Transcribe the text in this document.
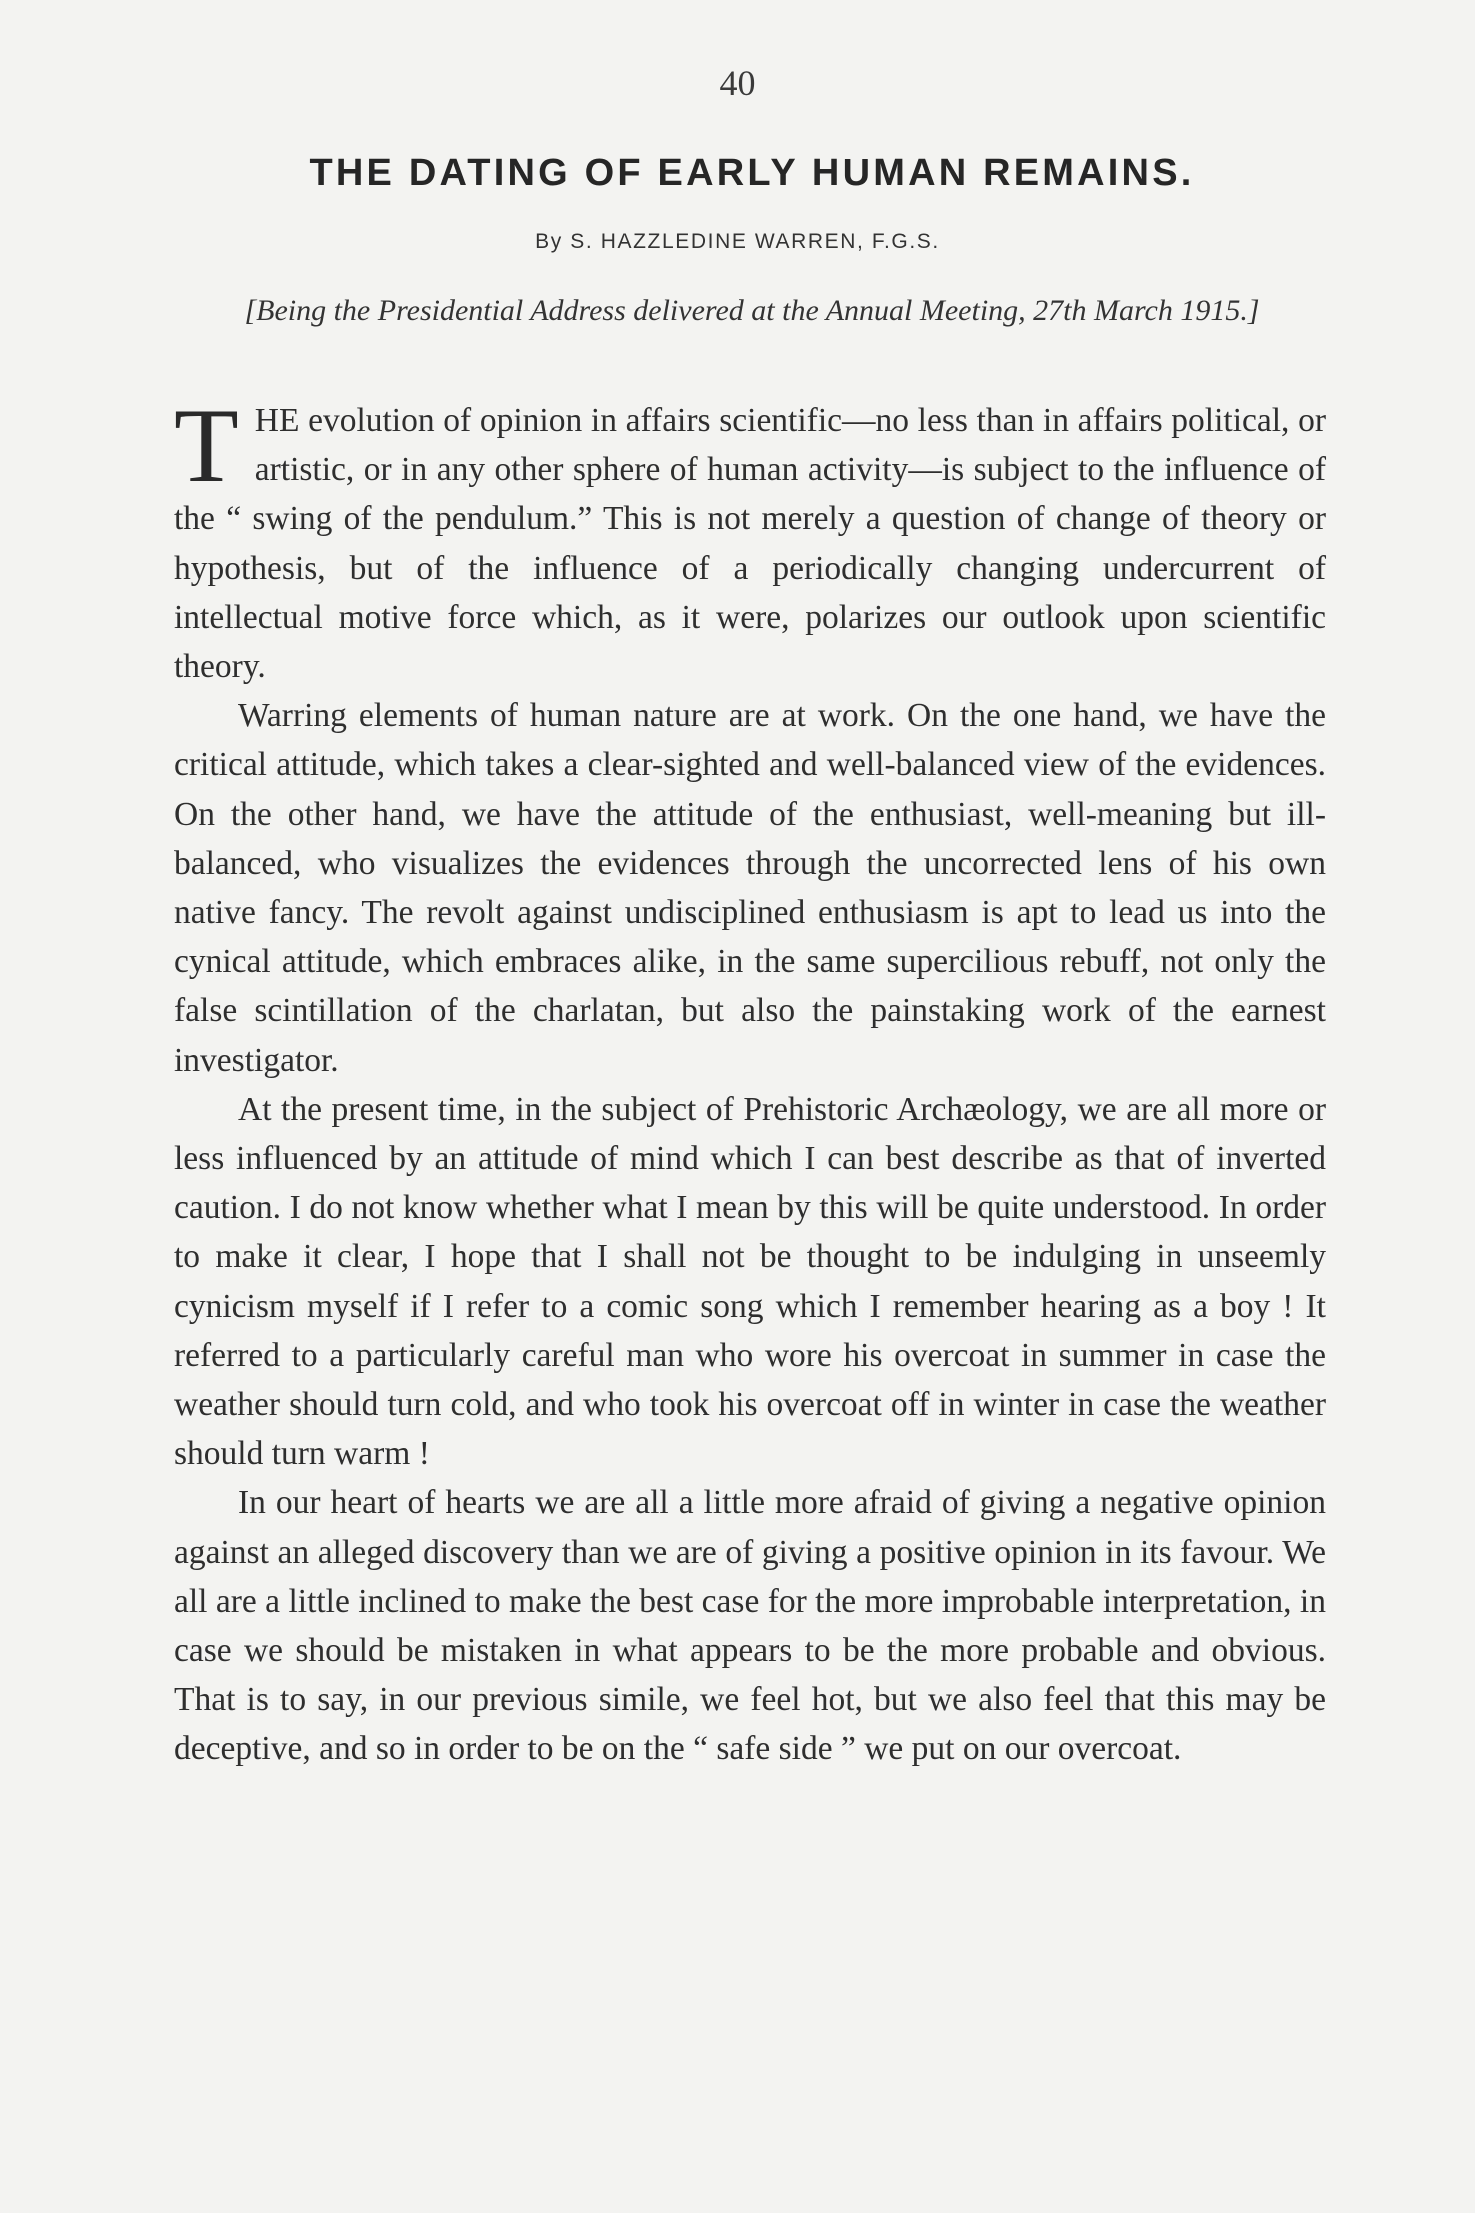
40
THE DATING OF EARLY HUMAN REMAINS.
By S. HAZZLEDINE WARREN, F.G.S.
[Being the Presidential Address delivered at the Annual Meeting, 27th March 1915.]

THE evolution of opinion in affairs scientific—no less than in affairs political, or artistic, or in any other sphere of human activity—is subject to the influence of the “ swing of the pendulum.” This is not merely a question of change of theory or hypothesis, but of the influence of a periodically changing undercurrent of intellectual motive force which, as it were, polarizes our outlook upon scientific theory.

Warring elements of human nature are at work. On the one hand, we have the critical attitude, which takes a clear-sighted and well-balanced view of the evidences. On the other hand, we have the attitude of the enthusiast, well-meaning but ill-balanced, who visualizes the evidences through the uncorrected lens of his own native fancy. The revolt against undisciplined enthusiasm is apt to lead us into the cynical attitude, which embraces alike, in the same supercilious rebuff, not only the false scintillation of the charlatan, but also the painstaking work of the earnest investigator.

At the present time, in the subject of Prehistoric Archæology, we are all more or less influenced by an attitude of mind which I can best describe as that of inverted caution. I do not know whether what I mean by this will be quite understood. In order to make it clear, I hope that I shall not be thought to be indulging in unseemly cynicism myself if I refer to a comic song which I remember hearing as a boy ! It referred to a particularly careful man who wore his overcoat in summer in case the weather should turn cold, and who took his overcoat off in winter in case the weather should turn warm !

In our heart of hearts we are all a little more afraid of giving a negative opinion against an alleged discovery than we are of giving a positive opinion in its favour. We all are a little inclined to make the best case for the more improbable interpretation, in case we should be mistaken in what appears to be the more probable and obvious. That is to say, in our previous simile, we feel hot, but we also feel that this may be deceptive, and so in order to be on the “ safe side ” we put on our overcoat.
